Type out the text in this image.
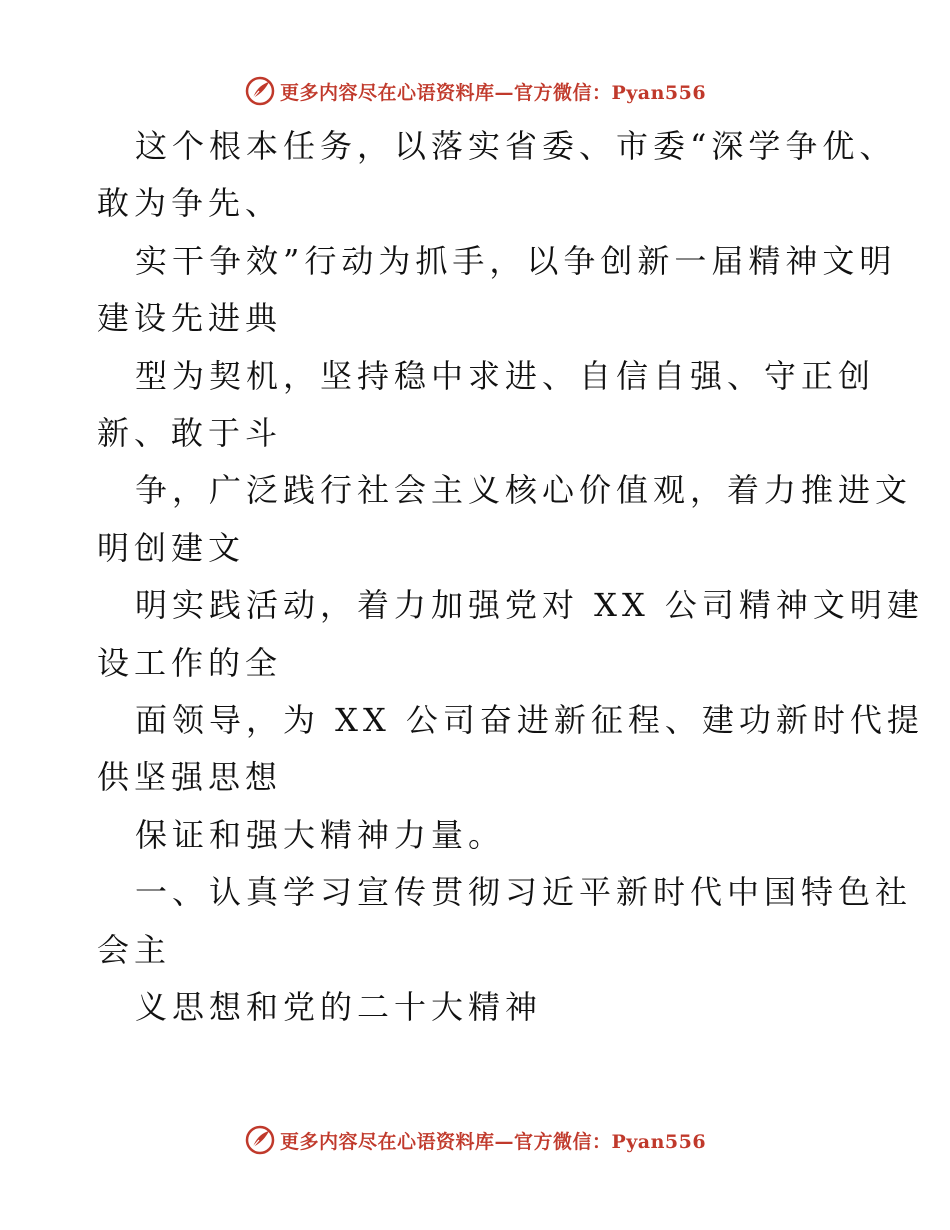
更多内容尽在心语资料库—官方微信：Pyan556

这个根本任务，以落实省委、市委“深学争优、

敢为争先、

实干争效”行动为抓手，以争创新一届精神文明

建设先进典

型为契机，坚持稳中求进、自信自强、守正创

新、敢于斗

争，广泛践行社会主义核心价值观，着力推进文

明创建文

明实践活动，着力加强党对 XX 公司精神文明建

设工作的全

面领导，为 XX 公司奋进新征程、建功新时代提

供坚强思想

保证和强大精神力量。

一、认真学习宣传贯彻习近平新时代中国特色社

会主

义思想和党的二十大精神

更多内容尽在心语资料库—官方微信：Pyan556
